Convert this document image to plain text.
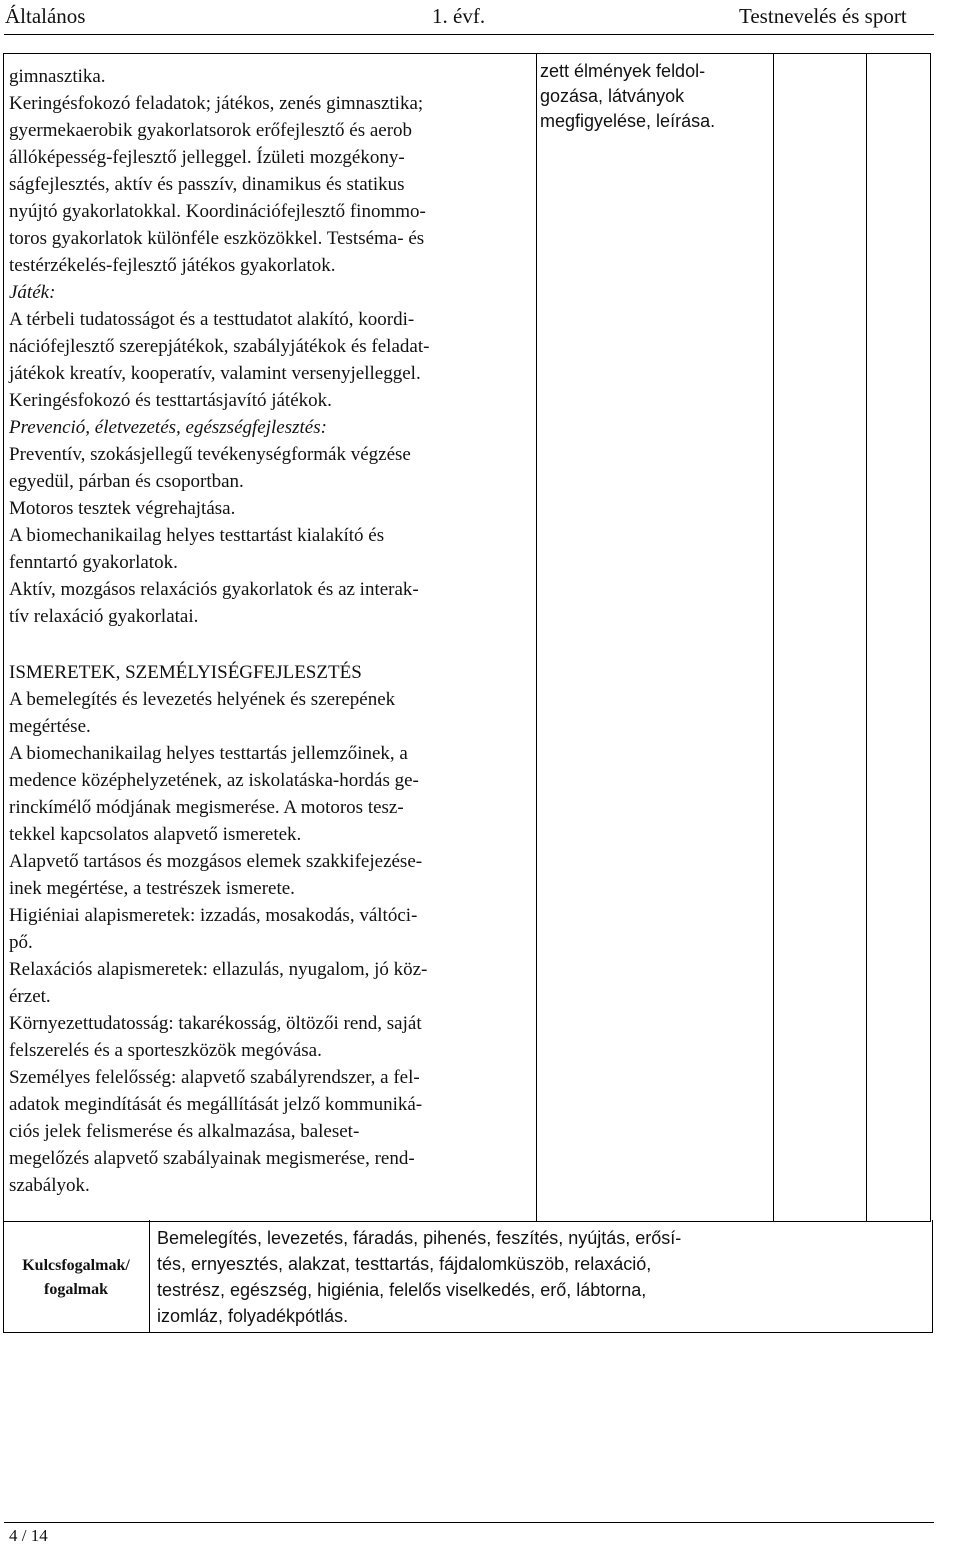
Általános	1. évf.	Testnevelés és sport
gimnasztika.
Keringésfokozó feladatok; játékos, zenés gimnasztika;
gyermekaerobik gyakorlatsorok erőfejlesztő és aerob
állóképesség-fejlesztő jelleggel. Ízületi mozgékony-
ságfejlesztés, aktív és passzív, dinamikus és statikus
nyújtó gyakorlatokkal. Koordinációfejlesztő finommo-
toros gyakorlatok különféle eszközökkel. Testséma- és
testérzékelés-fejlesztő játékos gyakorlatok.
Játék:
A térbeli tudatosságot és a testtudatot alakító, koordi-
nációfejlesztő szerepjátékok, szabályjátékok és feladat-
játékok kreatív, kooperatív, valamint versenyjelleggel.
Keringésfokozó és testtartásjavító játékok.
Prevenció, életvezetés, egészségfejlesztés:
Preventív, szokásjellegű tevékenységformák végzése
egyedül, párban és csoportban.
Motoros tesztek végrehajtása.
A biomechanikailag helyes testtartást kialakító és
fenntartó gyakorlatok.
Aktív, mozgásos relaxációs gyakorlatok és az interak-
tív relaxáció gyakorlatai.
ISMERETEK, SZEMÉLYISÉGFEJLESZTÉS
A bemelegítés és levezetés helyének és szerepének
megértése.
A biomechanikailag helyes testtartás jellemzőinek, a
medence középhelyzetének, az iskolatáska-hordás ge-
rinckímélő módjának megismerése. A motoros tesz-
tekkel kapcsolatos alapvető ismeretek.
Alapvető tartásos és mozgásos elemek szakkifejezése-
inek megértése, a testrészek ismerete.
Higiéniai alapismeretek: izzadás, mosakodás, váltóci-
pő.
Relaxációs alapismeretek: ellazulás, nyugalom, jó köz-
érzet.
Környezettudatosság: takarékosság, öltözői rend, saját
felszerelés és a sporteszközök megóvása.
Személyes felelősség: alapvető szabályrendszer, a fel-
adatok megindítását és megállítását jelző kommuniká-
ciós jelek felismerése és alkalmazása, baleset-
megelőzés alapvető szabályainak megismerése, rend-
szabályok.
zett élmények feldol-
gozása, látványok
megfigyelése, leírása.
Kulcsfogalmak/
fogalmak
Bemelegítés, levezetés, fáradás, pihenés, feszítés, nyújtás, erősí-
tés, ernyesztés, alakzat, testtartás, fájdalomküszöb, relaxáció,
testrész, egészség, higiénia, felelős viselkedés, erő, lábtorna,
izomláz, folyadékpótlás.
4 / 14
